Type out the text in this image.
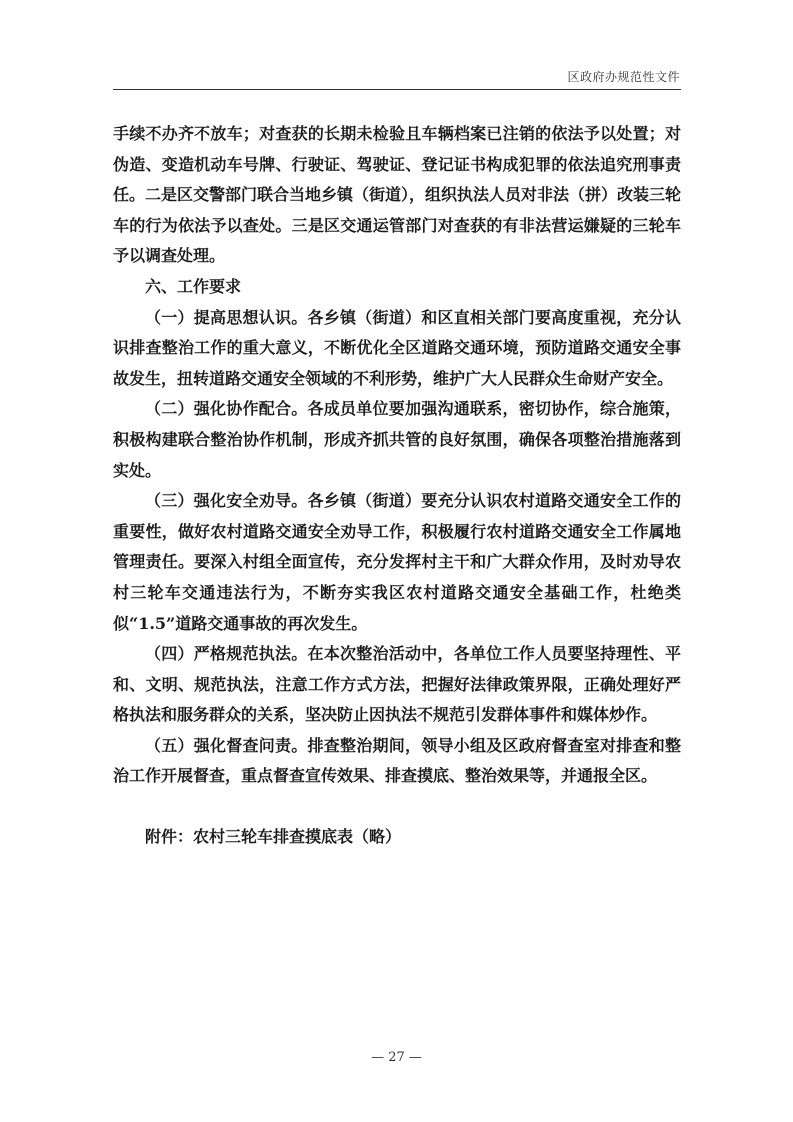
区政府办规范性文件

手续不办齐不放车；对查获的长期未检验且车辆档案已注销的依法予以处置；对伪造、变造机动车号牌、行驶证、驾驶证、登记证书构成犯罪的依法追究刑事责任。二是区交警部门联合当地乡镇（街道），组织执法人员对非法（拼）改装三轮车的行为依法予以查处。三是区交通运管部门对查获的有非法营运嫌疑的三轮车予以调查处理。

六、工作要求

（一）提高思想认识。各乡镇（街道）和区直相关部门要高度重视，充分认识排查整治工作的重大意义，不断优化全区道路交通环境，预防道路交通安全事故发生，扭转道路交通安全领域的不利形势，维护广大人民群众生命财产安全。

（二）强化协作配合。各成员单位要加强沟通联系，密切协作，综合施策，积极构建联合整治协作机制，形成齐抓共管的良好氛围，确保各项整治措施落到实处。

（三）强化安全劝导。各乡镇（街道）要充分认识农村道路交通安全工作的重要性，做好农村道路交通安全劝导工作，积极履行农村道路交通安全工作属地管理责任。要深入村组全面宣传，充分发挥村主干和广大群众作用，及时劝导农村三轮车交通违法行为，不断夯实我区农村道路交通安全基础工作，杜绝类似“1.5”道路交通事故的再次发生。

（四）严格规范执法。在本次整治活动中，各单位工作人员要坚持理性、平和、文明、规范执法，注意工作方式方法，把握好法律政策界限，正确处理好严格执法和服务群众的关系，坚决防止因执法不规范引发群体事件和媒体炒作。

（五）强化督查问责。排查整治期间，领导小组及区政府督查室对排查和整治工作开展督查，重点督查宣传效果、排查摸底、整治效果等，并通报全区。

附件：农村三轮车排查摸底表（略）

— 27 —
